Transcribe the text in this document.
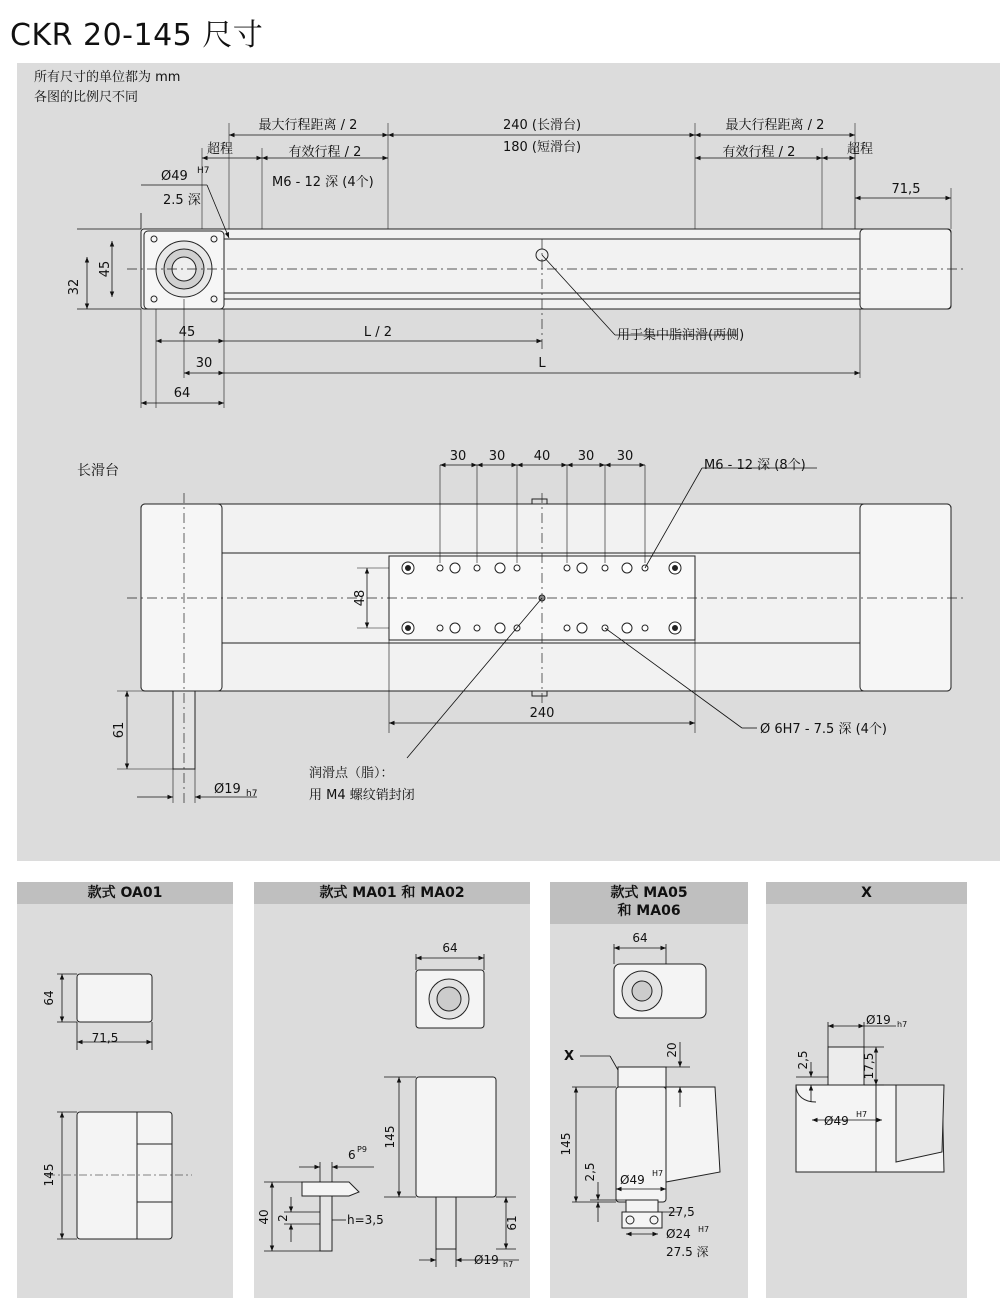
CKR 20-145 尺寸
所有尺寸的单位都为 mm
各图的比例尺不同
最大行程距离 / 2	240 (长滑台)
180 (短滑台)
最大行程距离 / 2
超程	有效行程 / 2	有效行程 / 2	超程
Ø49 H7
2.5 深
M6 - 12 深 (4个)	71,5
45
32
45	L / 2
30	L
64
用于集中脂润滑(两侧)
长滑台
30 30 40 30 30
M6 - 12 深 (8个)
48
240
Ø 6H7 - 7.5 深 (4个)
61
Ø19 h7
润滑点（脂）：
用 M4 螺纹销封闭
款式 OA01
64
71,5
145
款式 MA01 和 MA02
64
145
61
Ø19 h7
6 P9
40 2	h=3,5
款式 MA05
和 MA06
64
X	20
145
2,5 Ø49 H7
27,5
Ø24 H7
27.5 深
X
Ø19 h7
2,5	17,5
Ø49 H7
